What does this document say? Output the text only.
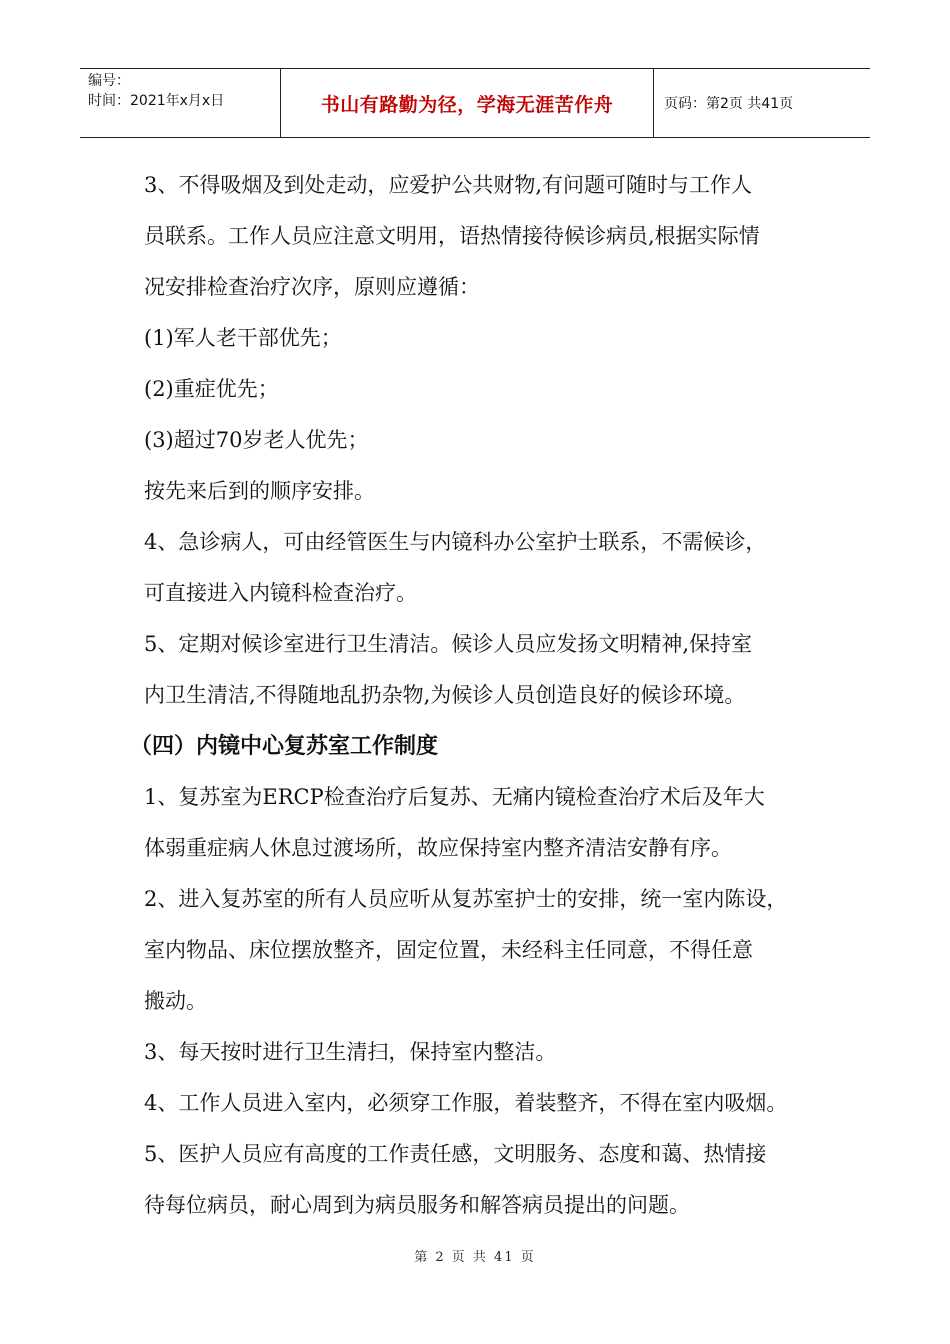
编号：
时间：2021年x月x日	书山有路勤为径，学海无涯苦作舟	页码：第2页 共41页

3、不得吸烟及到处走动，应爱护公共财物,有问题可随时与工作人

员联系。工作人员应注意文明用，语热情接待候诊病员,根据实际情

况安排检查治疗次序，原则应遵循：

(1)军人老干部优先；

(2)重症优先；

(3)超过70岁老人优先；

按先来后到的顺序安排。

4、急诊病人，可由经管医生与内镜科办公室护士联系，不需候诊，

可直接进入内镜科检查治疗。

5、定期对候诊室进行卫生清洁。候诊人员应发扬文明精神,保持室

内卫生清洁,不得随地乱扔杂物,为候诊人员创造良好的候诊环境。

（四）内镜中心复苏室工作制度

1、复苏室为ERCP检查治疗后复苏、无痛内镜检查治疗术后及年大

体弱重症病人休息过渡场所，故应保持室内整齐清洁安静有序。

2、进入复苏室的所有人员应听从复苏室护士的安排，统一室内陈设，

室内物品、床位摆放整齐，固定位置，未经科主任同意，不得任意

搬动。

3、每天按时进行卫生清扫，保持室内整洁。

4、工作人员进入室内，必须穿工作服，着装整齐，不得在室内吸烟。

5、医护人员应有高度的工作责任感，文明服务、态度和蔼、热情接

待每位病员，耐心周到为病员服务和解答病员提出的问题。

第 2 页 共 41 页
